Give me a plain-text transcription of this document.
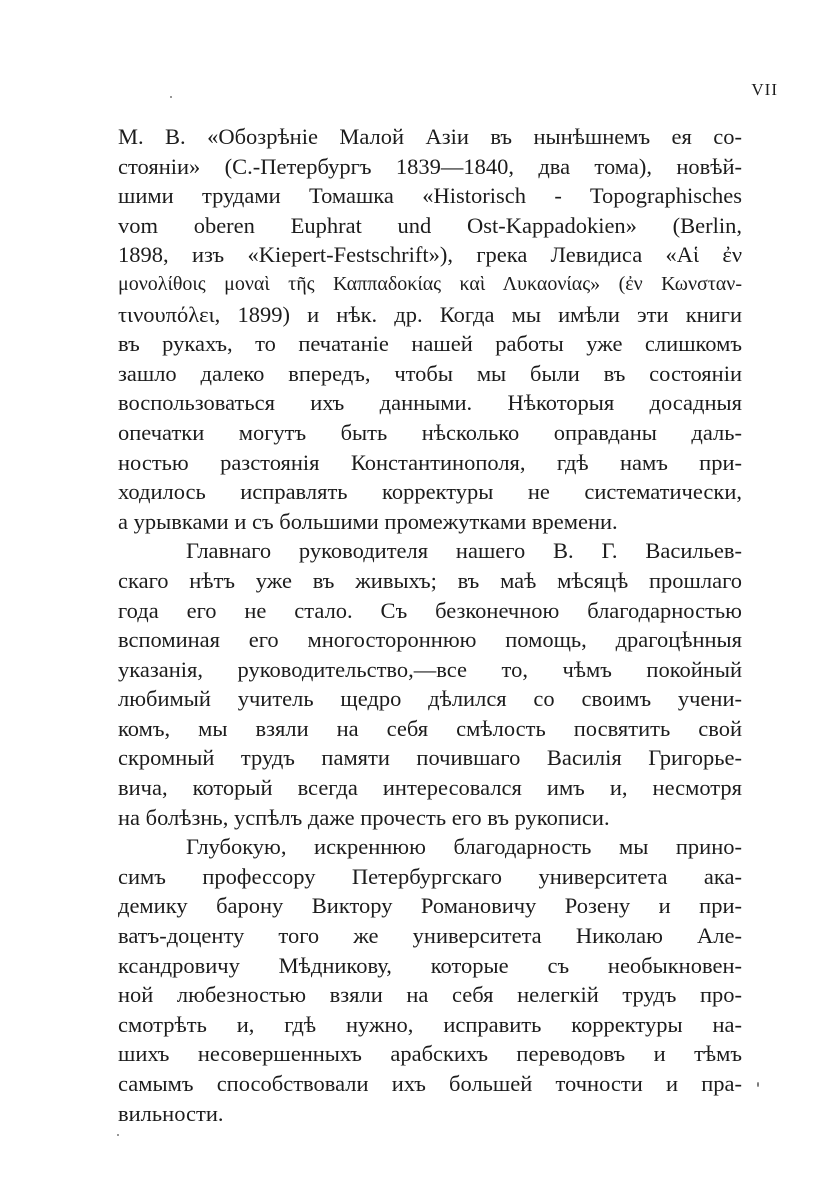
VII
М. В. «Обозрѣніе Малой Азіи въ нынѣшнемъ ея со-
стояніи» (С.-Петербургъ 1839—1840, два тома), новѣй-
шими трудами Томашка «Historisch - Topographisches
vom oberen Euphrat und Ost-Kappadokien» (Berlin,
1898, изъ «Kiepert-Festschrift»), грека Левидиса «Αἱ ἐν
μονολίθοις μοναὶ τῆς Καππαδοκίας καὶ Λυκαονίας» (ἐν Κωνσταν-
τινουπόλει, 1899) и нѣк. др. Когда мы имѣли эти книги
въ рукахъ, то печатаніе нашей работы уже слишкомъ
зашло далеко впередъ, чтобы мы были въ состояніи
воспользоваться ихъ данными. Нѣкоторыя досадныя
опечатки могутъ быть нѣсколько оправданы даль-
ностью разстоянія Константинополя, гдѣ намъ при-
ходилось исправлять корректуры не систематически,
а урывками и съ большими промежутками времени.
Главнаго руководителя нашего В. Г. Васильев-
скаго нѣтъ уже въ живыхъ; въ маѣ мѣсяцѣ прошлаго
года его не стало. Съ безконечною благодарностью
вспоминая его многостороннюю помощь, драгоцѣнныя
указанія, руководительство,—все то, чѣмъ покойный
любимый учитель щедро дѣлился со своимъ учени-
комъ, мы взяли на себя смѣлость посвятить свой
скромный трудъ памяти почившаго Василія Григорье-
вича, который всегда интересовался имъ и, несмотря
на болѣзнь, успѣлъ даже прочесть его въ рукописи.
Глубокую, искреннюю благодарность мы прино-
симъ профессору Петербургскаго университета ака-
демику барону Виктору Романовичу Розену и при-
ватъ-доценту того же университета Николаю Але-
ксандровичу Мѣдникову, которые съ необыкновен-
ной любезностью взяли на себя нелегкій трудъ про-
смотрѣть и, гдѣ нужно, исправить корректуры на-
шихъ несовершенныхъ арабскихъ переводовъ и тѣмъ
самымъ способствовали ихъ большей точности и пра-
вильности.
